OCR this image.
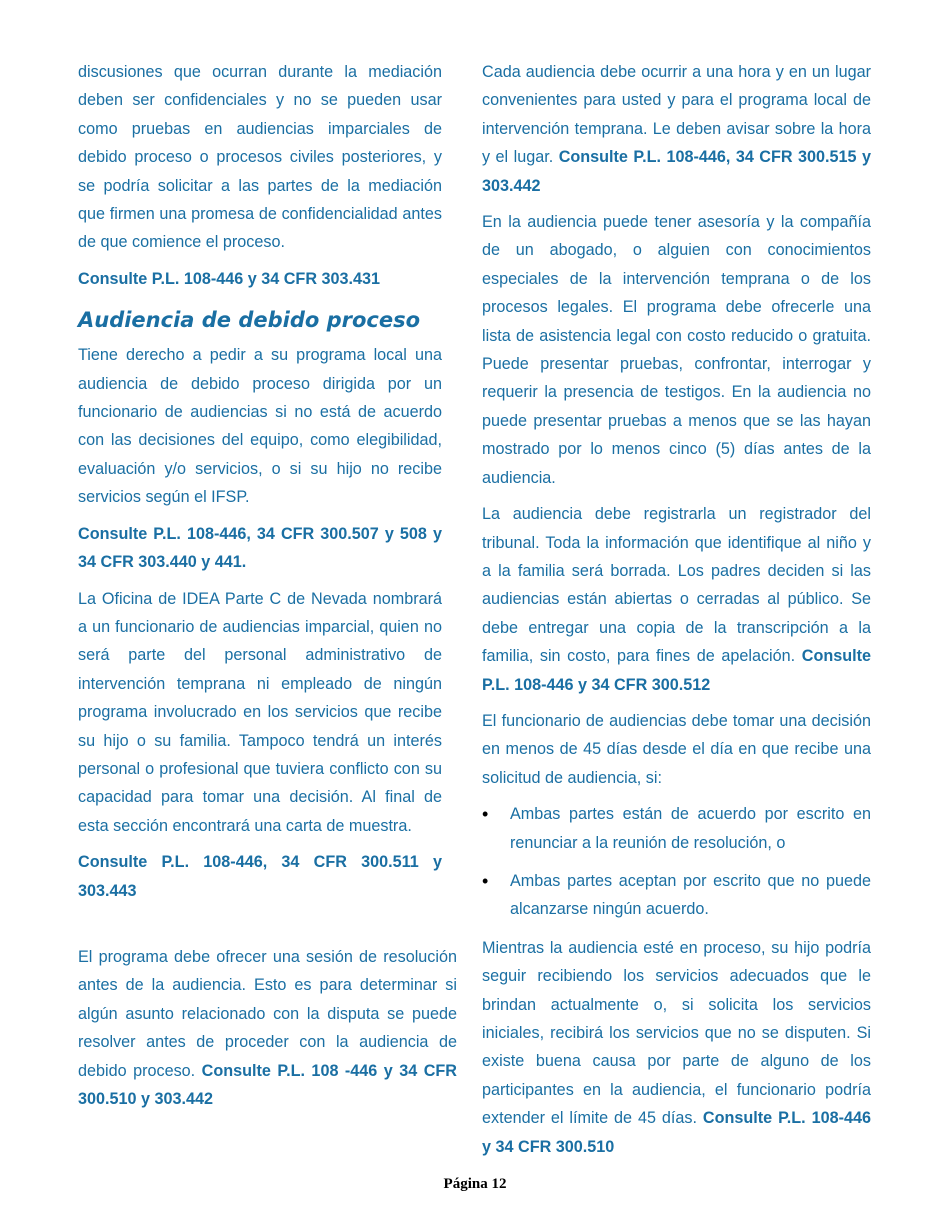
discusiones que ocurran durante la mediación deben ser confidenciales y no se pueden usar como pruebas en audiencias imparciales de debido proceso o procesos civiles posteriores, y se podría solicitar a las partes de la mediación que firmen una promesa de confidencialidad antes de que comience el proceso.

Consulte P.L. 108-446 y 34 CFR 303.431

Audiencia de debido proceso

Tiene derecho a pedir a su programa local una audiencia de debido proceso dirigida por un funcionario de audiencias si no está de acuerdo con las decisiones del equipo, como elegibilidad, evaluación y/o servicios, o si su hijo no recibe servicios según el IFSP.

Consulte P.L. 108-446, 34 CFR 300.507 y 508 y 34 CFR 303.440 y 441.

La Oficina de IDEA Parte C de Nevada nombrará a un funcionario de audiencias imparcial, quien no será parte del personal administrativo de intervención temprana ni empleado de ningún programa involucrado en los servicios que recibe su hijo o su familia. Tampoco tendrá un interés personal o profesional que tuviera conflicto con su capacidad para tomar una decisión. Al final de esta sección encontrará una carta de muestra.

Consulte P.L. 108-446, 34 CFR 300.511 y 303.443

El programa debe ofrecer una sesión de resolución antes de la audiencia. Esto es para determinar si algún asunto relacionado con la disputa se puede resolver antes de proceder con la audiencia de debido proceso. Consulte P.L. 108 -446 y 34 CFR 300.510 y 303.442

Cada audiencia debe ocurrir a una hora y en un lugar convenientes para usted y para el programa local de intervención temprana. Le deben avisar sobre la hora y el lugar. Consulte P.L. 108-446, 34 CFR 300.515 y 303.442

En la audiencia puede tener asesoría y la compañía de un abogado, o alguien con conocimientos especiales de la intervención temprana o de los procesos legales. El programa debe ofrecerle una lista de asistencia legal con costo reducido o gratuita. Puede presentar pruebas, confrontar, interrogar y requerir la presencia de testigos. En la audiencia no puede presentar pruebas a menos que se las hayan mostrado por lo menos cinco (5) días antes de la audiencia.

La audiencia debe registrarla un registrador del tribunal. Toda la información que identifique al niño y a la familia será borrada. Los padres deciden si las audiencias están abiertas o cerradas al público. Se debe entregar una copia de la transcripción a la familia, sin costo, para fines de apelación. Consulte P.L. 108-446 y 34 CFR 300.512

El funcionario de audiencias debe tomar una decisión en menos de 45 días desde el día en que recibe una solicitud de audiencia, si:

• Ambas partes están de acuerdo por escrito en renunciar a la reunión de resolución, o
• Ambas partes aceptan por escrito que no puede alcanzarse ningún acuerdo.

Mientras la audiencia esté en proceso, su hijo podría seguir recibiendo los servicios adecuados que le brindan actualmente o, si solicita los servicios iniciales, recibirá los servicios que no se disputen. Si existe buena causa por parte de alguno de los participantes en la audiencia, el funcionario podría extender el límite de 45 días. Consulte P.L. 108-446 y 34 CFR 300.510

Página 12
